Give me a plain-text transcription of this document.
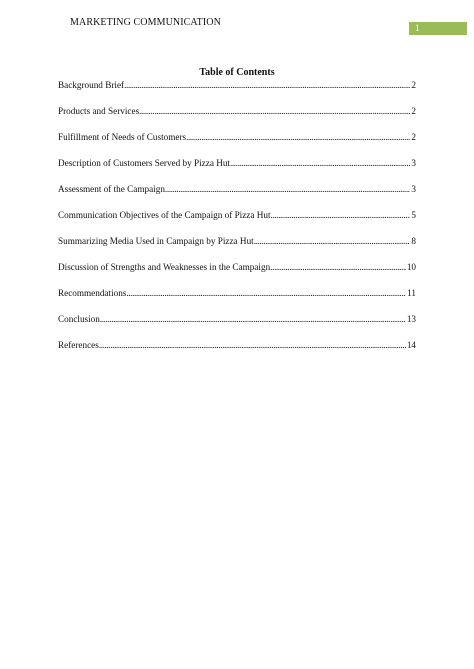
MARKETING COMMUNICATION	1
Table of Contents
Background Brief .....	2
Products and Services .....	2
Fulfillment of Needs of Customers .....	2
Description of Customers Served by Pizza Hut .....	3
Assessment of the Campaign .....	3
Communication Objectives of the Campaign of Pizza Hut .....	5
Summarizing Media Used in Campaign by Pizza Hut .....	8
Discussion of Strengths and Weaknesses in the Campaign .....	10
Recommendations .....	11
Conclusion .....	13
References .....	14
